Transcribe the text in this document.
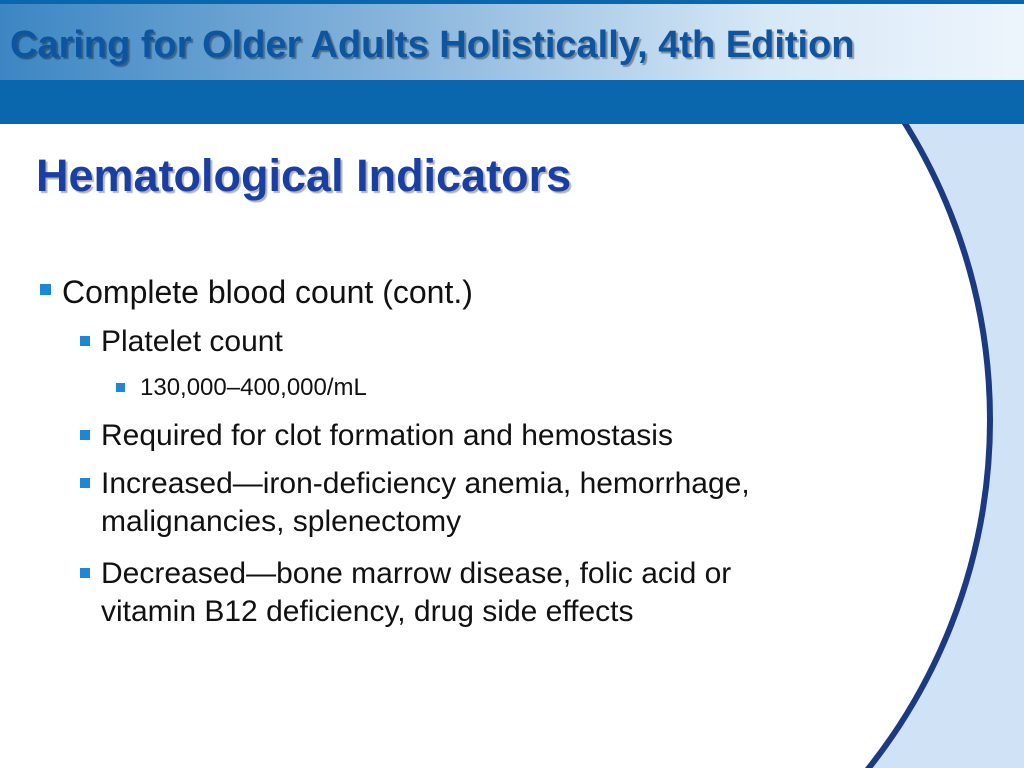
Caring for Older Adults Holistically, 4th Edition
Hematological Indicators
Complete blood count (cont.)
Platelet count
130,000–400,000/mL
Required for clot formation and hemostasis
Increased—iron-deficiency anemia, hemorrhage,
malignancies, splenectomy
Decreased—bone marrow disease, folic acid or
vitamin B12 deficiency, drug side effects
